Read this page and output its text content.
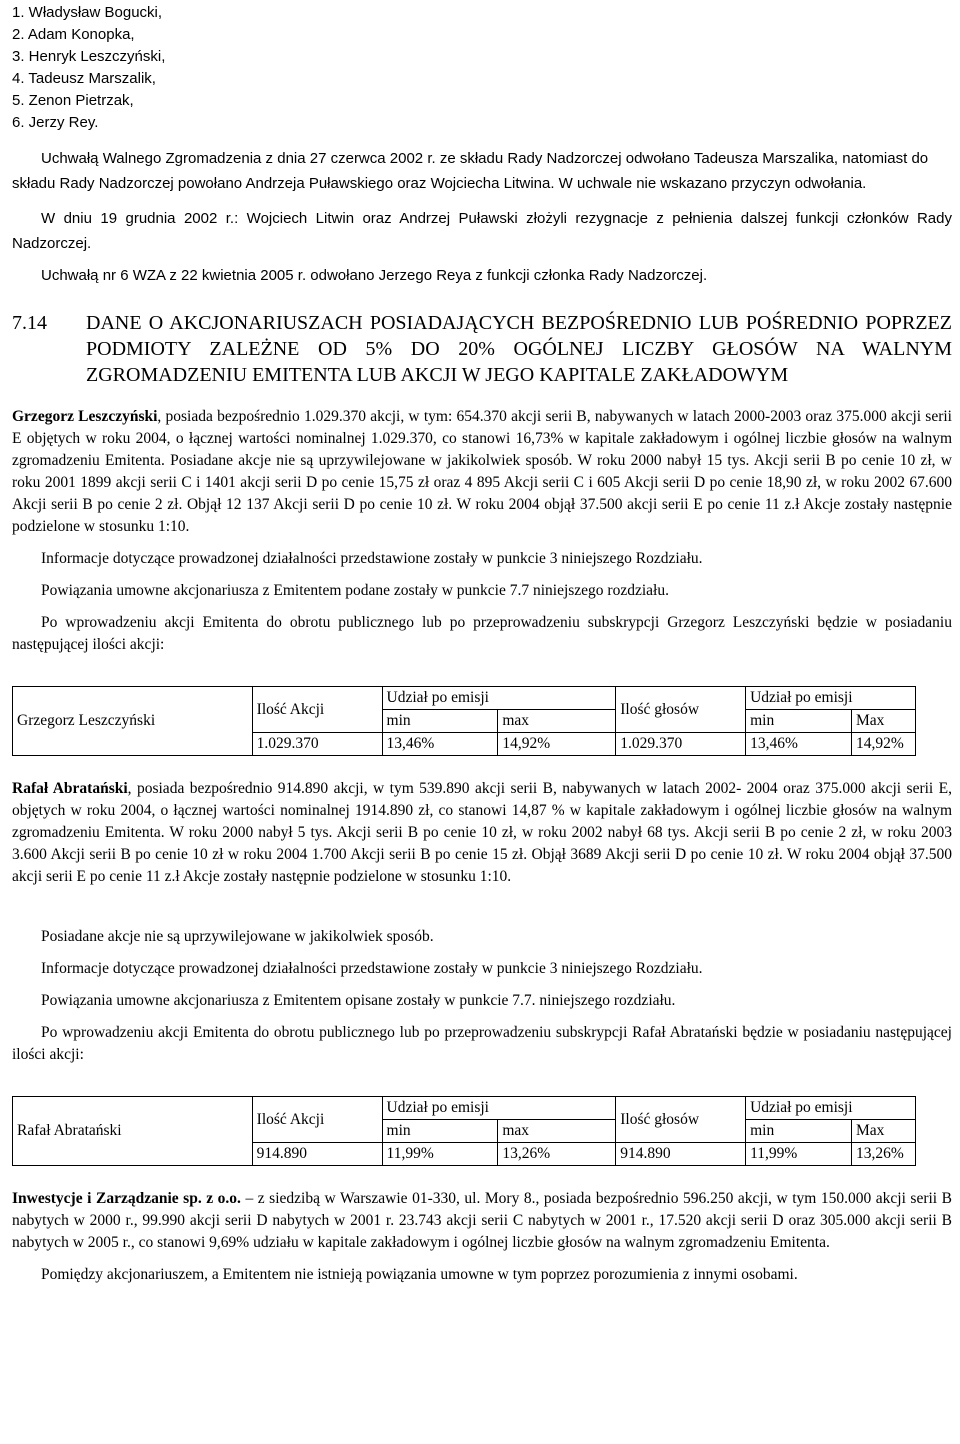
1. Władysław Bogucki,
2. Adam Konopka,
3. Henryk Leszczyński,
4. Tadeusz Marszalik,
5. Zenon Pietrzak,
6. Jerzy Rey.

Uchwałą Walnego Zgromadzenia z dnia 27 czerwca 2002 r. ze składu Rady Nadzorczej odwołano Tadeusza Marszalika, natomiast do składu Rady Nadzorczej powołano Andrzeja Puławskiego oraz Wojciecha Litwina. W uchwale nie wskazano przyczyn odwołania.

W dniu 19 grudnia 2002 r.: Wojciech Litwin oraz Andrzej Puławski złożyli rezygnacje z pełnienia dalszej funkcji członków Rady Nadzorczej.

Uchwałą nr 6 WZA z 22 kwietnia 2005 r. odwołano Jerzego Reya z funkcji członka Rady Nadzorczej.

7.14	DANE O AKCJONARIUSZACH POSIADAJĄCYCH BEZPOŚREDNIO LUB POŚREDNIO POPRZEZ PODMIOTY ZALEŻNE OD 5% DO 20% OGÓLNEJ LICZBY GŁOSÓW NA WALNYM ZGROMADZENIU EMITENTA LUB AKCJI W JEGO KAPITALE ZAKŁADOWYM

Grzegorz Leszczyński, posiada bezpośrednio 1.029.370 akcji, w tym: 654.370 akcji serii B, nabywanych w latach 2000-2003 oraz 375.000 akcji serii E objętych w roku 2004, o łącznej wartości nominalnej 1.029.370, co stanowi 16,73% w kapitale zakładowym i ogólnej liczbie głosów na walnym zgromadzeniu Emitenta. Posiadane akcje nie są uprzywilejowane w jakikolwiek sposób. W roku 2000 nabył 15 tys. Akcji serii B po cenie 10 zł, w roku 2001 1899 akcji serii C i 1401 akcji serii D po cenie 15,75 zł oraz 4 895 Akcji serii C i 605 Akcji serii D po cenie 18,90 zł, w roku 2002 67.600 Akcji serii B po cenie 2 zł. Objął 12 137 Akcji serii D po cenie 10 zł. W roku 2004 objął 37.500 akcji serii E po cenie 11 z.ł Akcje zostały następnie podzielone w stosunku 1:10.

Informacje dotyczące prowadzonej działalności przedstawione zostały w punkcie 3 niniejszego Rozdziału.

Powiązania umowne akcjonariusza z Emitentem podane zostały w punkcie 7.7 niniejszego rozdziału.

Po wprowadzeniu akcji Emitenta do obrotu publicznego lub po przeprowadzeniu subskrypcji Grzegorz Leszczyński będzie w posiadaniu następującej ilości akcji:

Grzegorz Leszczyński	Ilość Akcji	Udział po emisji		Ilość głosów	Udział po emisji	
		min	max		min	Max
	1.029.370	13,46%	14,92%	1.029.370	13,46%	14,92%

Rafał Abratański, posiada bezpośrednio 914.890 akcji, w tym 539.890 akcji serii B, nabywanych w latach 2002- 2004 oraz 375.000 akcji serii E, objętych w roku 2004, o łącznej wartości nominalnej 1914.890 zł, co stanowi 14,87 % w kapitale zakładowym i ogólnej liczbie głosów na walnym zgromadzeniu Emitenta. W roku 2000 nabył 5 tys. Akcji serii B po cenie 10 zł, w roku 2002 nabył 68 tys. Akcji serii B po cenie 2 zł, w roku 2003 3.600 Akcji serii B po cenie 10 zł w roku 2004 1.700 Akcji serii B po cenie 15 zł. Objął 3689 Akcji serii D po cenie 10 zł. W roku 2004 objął 37.500 akcji serii E po cenie 11 z.ł Akcje zostały następnie podzielone w stosunku 1:10.

Posiadane akcje nie są uprzywilejowane w jakikolwiek sposób.

Informacje dotyczące prowadzonej działalności przedstawione zostały w punkcie 3 niniejszego Rozdziału.

Powiązania umowne akcjonariusza z Emitentem opisane zostały w punkcie 7.7. niniejszego rozdziału.

Po wprowadzeniu akcji Emitenta do obrotu publicznego lub po przeprowadzeniu subskrypcji Rafał Abratański będzie w posiadaniu następującej ilości akcji:

Rafał Abratański	Ilość Akcji	Udział po emisji		Ilość głosów	Udział po emisji	
		min	max		min	Max
	914.890	11,99%	13,26%	914.890	11,99%	13,26%

Inwestycje i Zarządzanie sp. z o.o. – z siedzibą w Warszawie 01-330, ul. Mory 8., posiada bezpośrednio 596.250 akcji, w tym 150.000 akcji serii B nabytych w 2000 r., 99.990 akcji serii D nabytych w 2001 r. 23.743 akcji serii C nabytych w 2001 r., 17.520 akcji serii D oraz 305.000 akcji serii B nabytych w 2005 r., co stanowi 9,69% udziału w kapitale zakładowym i ogólnej liczbie głosów na walnym zgromadzeniu Emitenta.

Pomiędzy akcjonariuszem, a Emitentem nie istnieją powiązania umowne w tym poprzez porozumienia z innymi osobami.
